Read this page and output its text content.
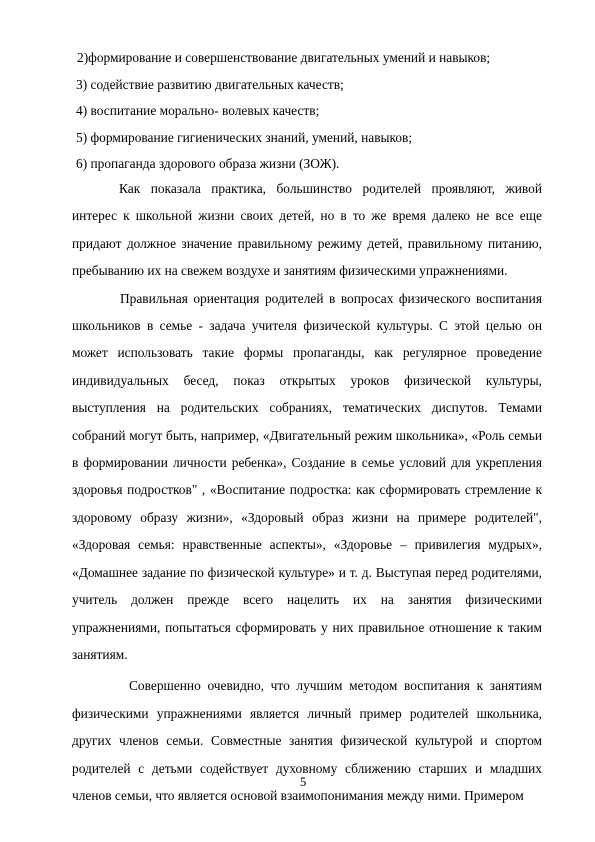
2)формирование и совершенствование двигательных умений и навыков;
3) содействие развитию двигательных качеств;
4) воспитание морально- волевых качеств;
5) формирование гигиенических знаний, умений, навыков;
6) пропаганда здорового образа жизни (ЗОЖ).

Как показала практика, большинство родителей проявляют, живой интерес к школьной жизни своих детей, но в то же время далеко не все еще придают должное значение правильному режиму детей, правильному питанию, пребыванию их на свежем воздухе и занятиям физическими упражнениями.

Правильная ориентация родителей в вопросах физического воспитания школьников в семье - задача учителя физической культуры. С этой целью он может использовать такие формы пропаганды, как регулярное проведение индивидуальных бесед, показ открытых уроков физической культуры, выступления на родительских собраниях, тематических диспутов. Темами собраний могут быть, например, «Двигательный режим школьника», «Роль семьи в формировании личности ребенка», Создание в семье условий для укрепления здоровья подростков" , «Воспитание подростка: как сформировать стремление к здоровому образу жизни», «Здоровый образ жизни на примере родителей", «Здоровая семья: нравственные аспекты», «Здоровье – привилегия мудрых», «Домашнее задание по физической культуре» и т. д. Выступая перед родителями, учитель должен прежде всего нацелить их на занятия физическими упражнениями, попытаться сформировать у них правильное отношение к таким занятиям.

Совершенно очевидно, что лучшим методом воспитания к занятиям физическими упражнениями является личный пример родителей школьника, других членов семьи. Совместные занятия физической культурой и спортом родителей с детьми содействует духовному сближению старших и младших членов семьи, что является основой взаимопонимания между ними. Примером

5
